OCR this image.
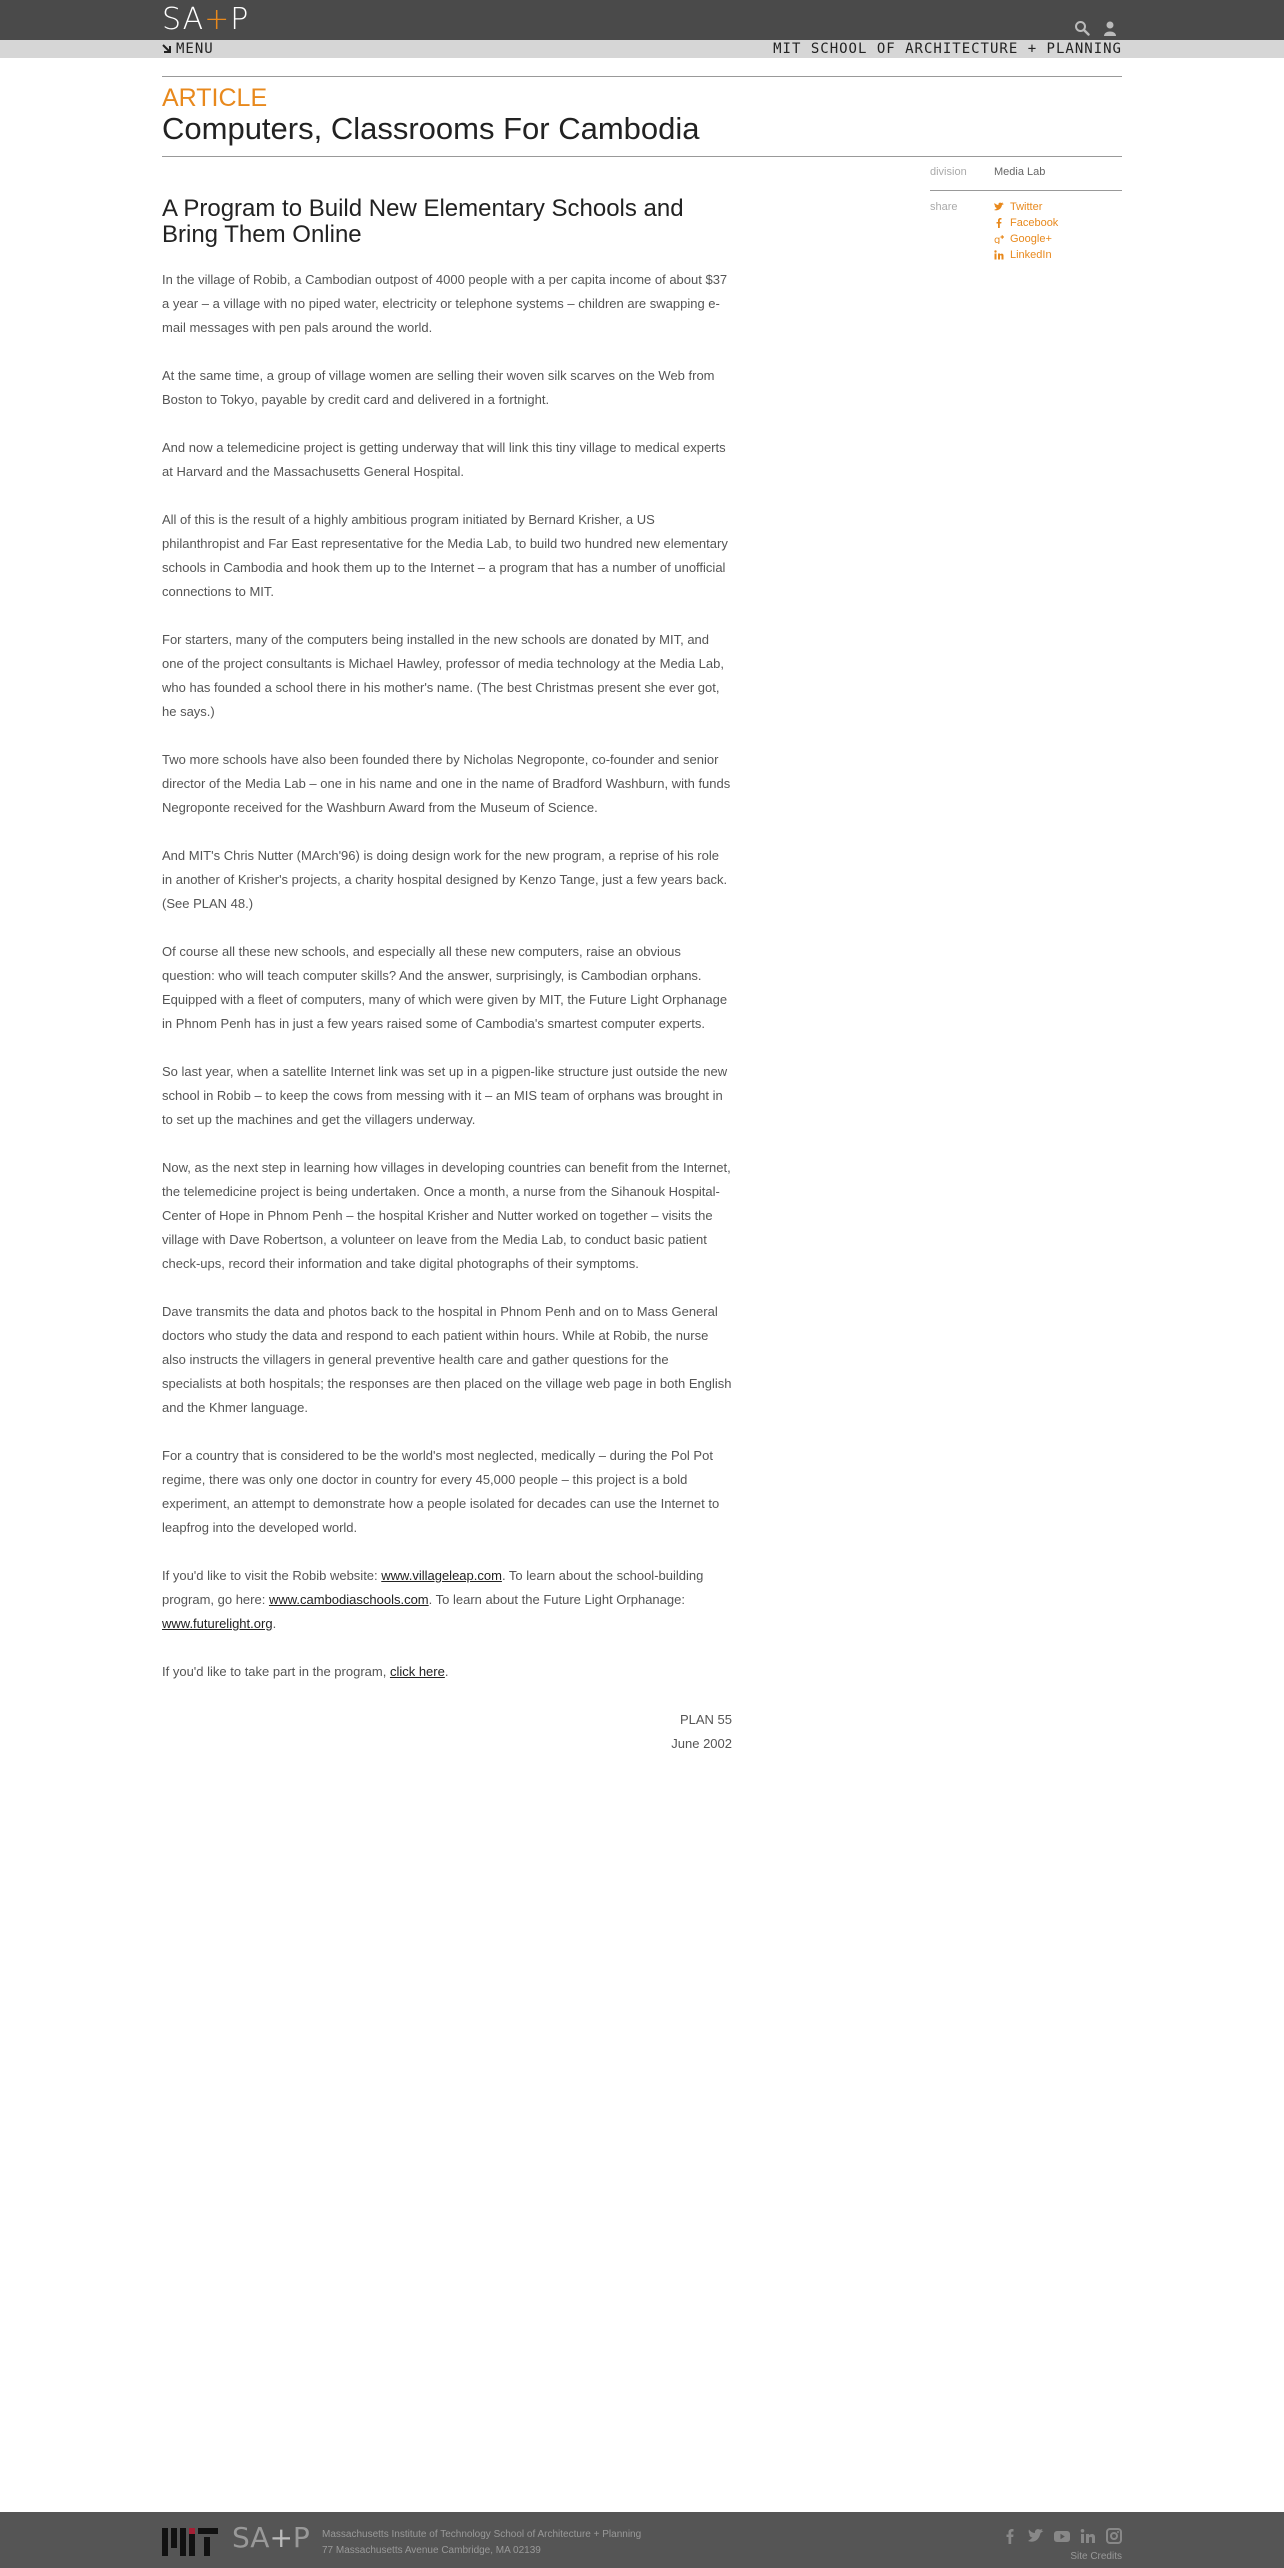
SA+P
MENU	MIT SCHOOL OF ARCHITECTURE + PLANNING
ARTICLE
Computers, Classrooms For Cambodia
division	Media Lab
share	Twitter
Facebook
g Google+
LinkedIn
A Program to Build New Elementary Schools and Bring Them Online

In the village of Robib, a Cambodian outpost of 4000 people with a per capita income of about $37 a year – a village with no piped water, electricity or telephone systems – children are swapping e-mail messages with pen pals around the world.

At the same time, a group of village women are selling their woven silk scarves on the Web from Boston to Tokyo, payable by credit card and delivered in a fortnight.

And now a telemedicine project is getting underway that will link this tiny village to medical experts at Harvard and the Massachusetts General Hospital.

All of this is the result of a highly ambitious program initiated by Bernard Krisher, a US philanthropist and Far East representative for the Media Lab, to build two hundred new elementary schools in Cambodia and hook them up to the Internet – a program that has a number of unofficial connections to MIT.

For starters, many of the computers being installed in the new schools are donated by MIT, and one of the project consultants is Michael Hawley, professor of media technology at the Media Lab, who has founded a school there in his mother's name. (The best Christmas present she ever got, he says.)

Two more schools have also been founded there by Nicholas Negroponte, co-founder and senior director of the Media Lab – one in his name and one in the name of Bradford Washburn, with funds Negroponte received for the Washburn Award from the Museum of Science.

And MIT's Chris Nutter (MArch'96) is doing design work for the new program, a reprise of his role in another of Krisher's projects, a charity hospital designed by Kenzo Tange, just a few years back. (See PLAN 48.)

Of course all these new schools, and especially all these new computers, raise an obvious question: who will teach computer skills? And the answer, surprisingly, is Cambodian orphans. Equipped with a fleet of computers, many of which were given by MIT, the Future Light Orphanage in Phnom Penh has in just a few years raised some of Cambodia's smartest computer experts.

So last year, when a satellite Internet link was set up in a pigpen-like structure just outside the new school in Robib – to keep the cows from messing with it – an MIS team of orphans was brought in to set up the machines and get the villagers underway.

Now, as the next step in learning how villages in developing countries can benefit from the Internet, the telemedicine project is being undertaken. Once a month, a nurse from the Sihanouk Hospital-Center of Hope in Phnom Penh – the hospital Krisher and Nutter worked on together – visits the village with Dave Robertson, a volunteer on leave from the Media Lab, to conduct basic patient check-ups, record their information and take digital photographs of their symptoms.

Dave transmits the data and photos back to the hospital in Phnom Penh and on to Mass General doctors who study the data and respond to each patient within hours. While at Robib, the nurse also instructs the villagers in general preventive health care and gather questions for the specialists at both hospitals; the responses are then placed on the village web page in both English and the Khmer language.

For a country that is considered to be the world's most neglected, medically – during the Pol Pot regime, there was only one doctor in country for every 45,000 people – this project is a bold experiment, an attempt to demonstrate how a people isolated for decades can use the Internet to leapfrog into the developed world.

If you'd like to visit the Robib website: www.villageleap.com. To learn about the school-building program, go here: www.cambodiaschools.com. To learn about the Future Light Orphanage: www.futurelight.org.

If you'd like to take part in the program, click here.

PLAN 55
June 2002
SA+P Massachusetts Institute of Technology School of Architecture + Planning
77 Massachusetts Avenue Cambridge, MA 02139
Site Credits
